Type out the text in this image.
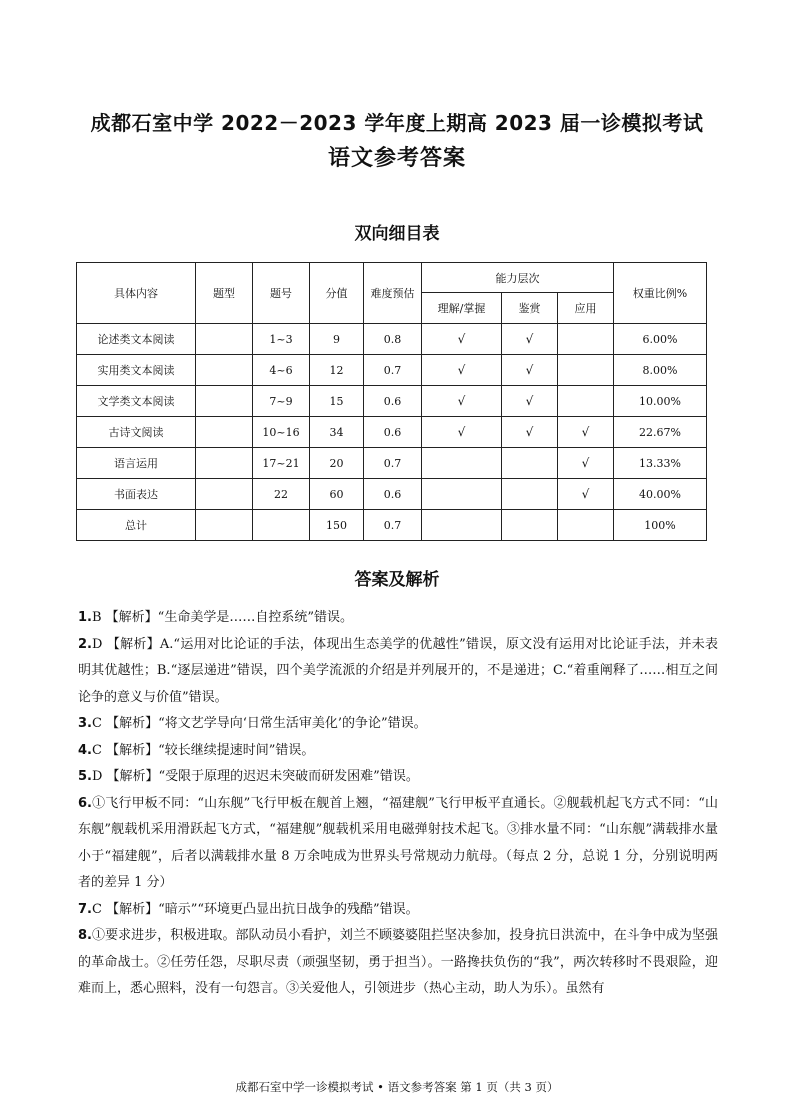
成都石室中学 2022－2023 学年度上期高 2023 届一诊模拟考试
语文参考答案
双向细目表
具体内容	题型	题号	分值	难度预估	能力层次			权重比例%
					理解/掌握	鉴赏	应用	
论述类文本阅读		1~3	9	0.8	√	√		6.00%
实用类文本阅读		4~6	12	0.7	√	√		8.00%
文学类文本阅读		7~9	15	0.6	√	√		10.00%
古诗文阅读		10~16	34	0.6	√	√	√	22.67%
语言运用		17~21	20	0.7			√	13.33%
书面表达		22	60	0.6			√	40.00%
总计			150	0.7				100%
答案及解析

1.B 【解析】“生命美学是……自控系统”错误。

2.D 【解析】A.“运用对比论证的手法，体现出生态美学的优越性”错误，原文没有运用对比论证手法，并未表明其优越性；B.“逐层递进”错误，四个美学流派的介绍是并列展开的，不是递进；C.“着重阐释了……相互之间论争的意义与价值”错误。

3.C 【解析】“将文艺学导向‘日常生活审美化’的争论”错误。

4.C 【解析】“较长继续提速时间”错误。

5.D 【解析】“受限于原理的迟迟未突破而研发困难”错误。

6.①飞行甲板不同：“山东舰”飞行甲板在舰首上翘，“福建舰”飞行甲板平直通长。②舰载机起飞方式不同：“山东舰”舰载机采用滑跃起飞方式，“福建舰”舰载机采用电磁弹射技术起飞。③排水量不同：“山东舰”满载排水量小于“福建舰”，后者以满载排水量 8 万余吨成为世界头号常规动力航母。（每点 2 分，总说 1 分，分别说明两者的差异 1 分）

7.C 【解析】“暗示”“环境更凸显出抗日战争的残酷”错误。

8.①要求进步，积极进取。部队动员小看护，刘兰不顾婆婆阻拦坚决参加，投身抗日洪流中，在斗争中成为坚强的革命战士。②任劳任怨，尽职尽责（顽强坚韧，勇于担当）。一路搀扶负伤的“我”，两次转移时不畏艰险，迎难而上，悉心照料，没有一句怨言。③关爱他人，引领进步（热心主动，助人为乐）。虽然有

成都石室中学一诊模拟考试 • 语文参考答案 第 1 页（共 3 页）
